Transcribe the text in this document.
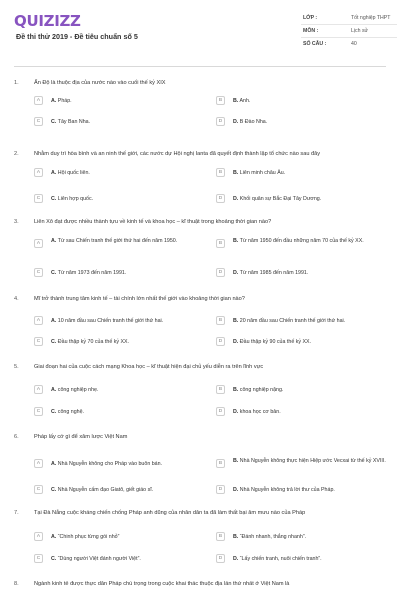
QUIZIZZ
Đề thi thử 2019 - Đề tiêu chuẩn số 5
LỚP :	Tốt nghiệp THPT
MÔN :	Lịch sử
SỐ CÂU :	40
1.	Ấn Độ là thuộc địa của nước nào vào cuối thế kỷ XIX
A	A. Pháp.	B	B. Anh.
C	C. Tây Ban Nha.	D	D. B Đào Nha.
2.	Nhằm duy trì hòa bình và an ninh thế giới, các nước dự Hội nghị Ianta đã quyết định thành lập tổ chức nào sau đây
A	A. Hội quốc liên.	B	B. Liên minh châu Âu.
C	C. Liên hợp quốc.	D	D. Khối quân sự Bắc Đại Tây Dương.
3.	Liên Xô đạt được nhiều thành tựu về kinh tế và khoa học – kĩ thuật trong khoảng thời gian nào?
A	A. Từ sau Chiến tranh thế giới thứ hai đến năm 1950.	B	B. Từ năm 1950 đến đầu những năm 70 của thế kỷ XX.
C	C. Từ năm 1973 đến năm 1991.	D	D. Từ năm 1985 đến năm 1991.
4.	Mĩ trở thành trung tâm kinh tế – tài chính lớn nhất thế giới vào khoảng thời gian nào?
A	A. 10 năm đầu sau Chiến tranh thế giới thứ hai.	B	B. 20 năm đầu sau Chiến tranh thế giới thứ hai.
C	C. Đầu thập kỷ 70 của thế kỷ XX.	D	D. Đầu thập kỷ 90 của thế kỷ XX.
5.	Giai đoạn hai của cuộc cách mạng Khoa học – kĩ thuật hiện đại chủ yếu diễn ra trên lĩnh vực
A	A. công nghiệp nhẹ.	B	B. công nghiệp nặng.
C	C. công nghệ.	D	D. khoa học cơ bản.
6.	Pháp lấy cớ gì để xâm lược Việt Nam
A	A. Nhà Nguyễn không cho Pháp vào buôn bán.	B	B. Nhà Nguyễn không thực hiện Hiệp ước Vecxai từ thế kỷ XVIII.
C	C. Nhà Nguyễn cấm đạo Giatô, giết giáo sĩ.	D	D. Nhà Nguyễn không trả lời thư của Pháp.
7.	Tại Đà Nẵng cuộc kháng chiến chống Pháp anh dũng của nhân dân ta đã làm thất bại âm mưu nào của Pháp
A	A. “Chinh phục từng gói nhỏ”	B	B. “Đánh nhanh, thắng nhanh”.
C	C. “Dùng người Việt đánh người Việt”.	D	D. “Lấy chiến tranh, nuôi chiến tranh”.
8.	Ngành kinh tế được thực dân Pháp chú trọng trong cuộc khai thác thuộc địa lần thứ nhất ở Việt Nam là
